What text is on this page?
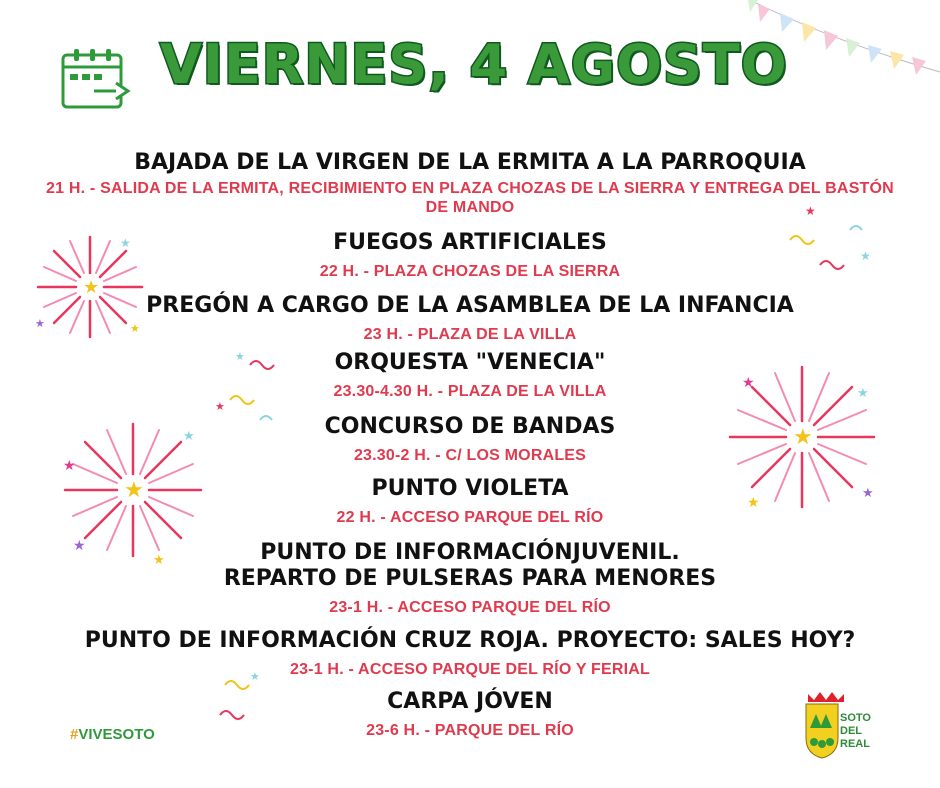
VIERNES, 4 AGOSTO
★
★
★	★
★
★
★
★
★
★
★
★
★
★
★
★
★
★
★
BAJADA DE LA VIRGEN DE LA ERMITA A LA PARROQUIA
21 H. - SALIDA DE LA ERMITA, RECIBIMIENTO EN PLAZA CHOZAS DE LA SIERRA Y ENTREGA DEL BASTÓN DE MANDO
FUEGOS ARTIFICIALES
22 H. - PLAZA CHOZAS DE LA SIERRA
PREGÓN A CARGO DE LA ASAMBLEA DE LA INFANCIA
23 H. - PLAZA DE LA VILLA
ORQUESTA "VENECIA"
23.30-4.30 H. - PLAZA DE LA VILLA
CONCURSO DE BANDAS
23.30-2 H. - C/ LOS MORALES
PUNTO VIOLETA
22 H. - ACCESO PARQUE DEL RÍO
PUNTO DE INFORMACIÓNJUVENIL.
REPARTO DE PULSERAS PARA MENORES
23-1 H. - ACCESO PARQUE DEL RÍO
PUNTO DE INFORMACIÓN CRUZ ROJA. PROYECTO: SALES HOY?
23-1 H. - ACCESO PARQUE DEL RÍO Y FERIAL
CARPA JÓVEN
23-6 H. - PARQUE DEL RÍO
#VIVESOTO
SOTO
DEL
REAL
